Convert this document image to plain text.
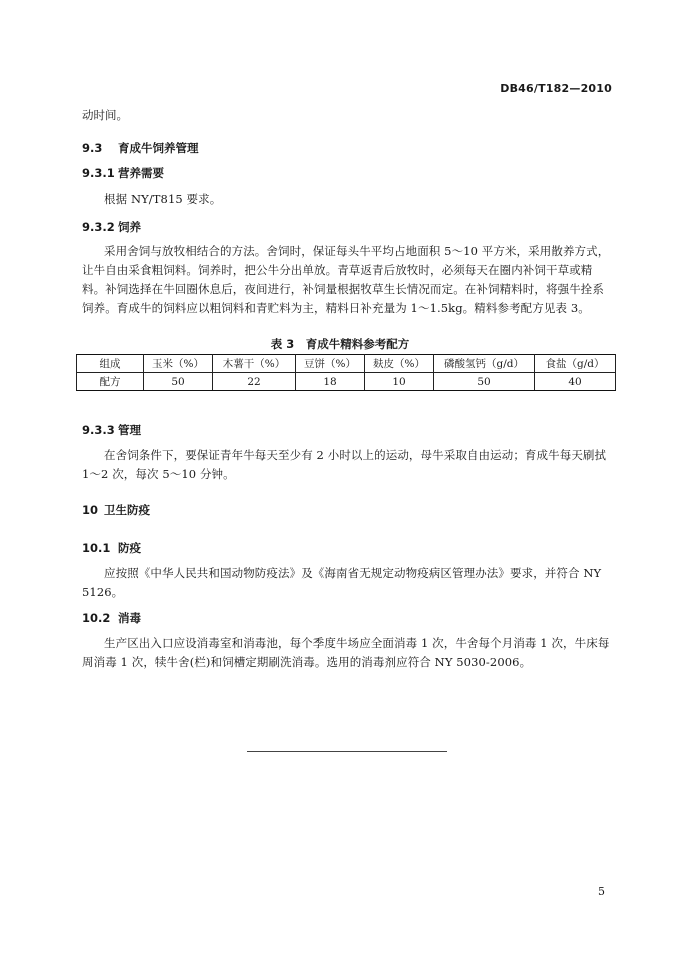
DB46/T182—2010
动时间。
9.3 育成牛饲养管理
9.3.1 营养需要
根据 NY/T815 要求。
9.3.2 饲养
采用舍饲与放牧相结合的方法。舍饲时，保证每头牛平均占地面积 5～10 平方米，采用散养方式，让牛自由采食粗饲料。饲养时，把公牛分出单放。青草返青后放牧时，必须每天在圈内补饲干草或精料。补饲选择在牛回圈休息后，夜间进行，补饲量根据牧草生长情况而定。在补饲精料时，将强牛拴系饲养。育成牛的饲料应以粗饲料和青贮料为主，精料日补充量为 1～1.5kg。精料参考配方见表 3。
表 3　育成牛精料参考配方
组成	玉米（%）	木薯干（%）	豆饼（%）	麸皮（%）	磷酸氢钙（g/d）	食盐（g/d）
配方	50	22	18	10	50	40
9.3.3 管理
在舍饲条件下，要保证青年牛每天至少有 2 小时以上的运动，母牛采取自由运动；育成牛每天刷拭 1～2 次，每次 5～10 分钟。
10 卫生防疫
10.1 防疫
应按照《中华人民共和国动物防疫法》及《海南省无规定动物疫病区管理办法》要求，并符合 NY 5126。
10.2 消毒
生产区出入口应设消毒室和消毒池，每个季度牛场应全面消毒 1 次，牛舍每个月消毒 1 次，牛床每周消毒 1 次，犊牛舍(栏)和饲槽定期刷洗消毒。选用的消毒剂应符合 NY 5030-2006。
5
